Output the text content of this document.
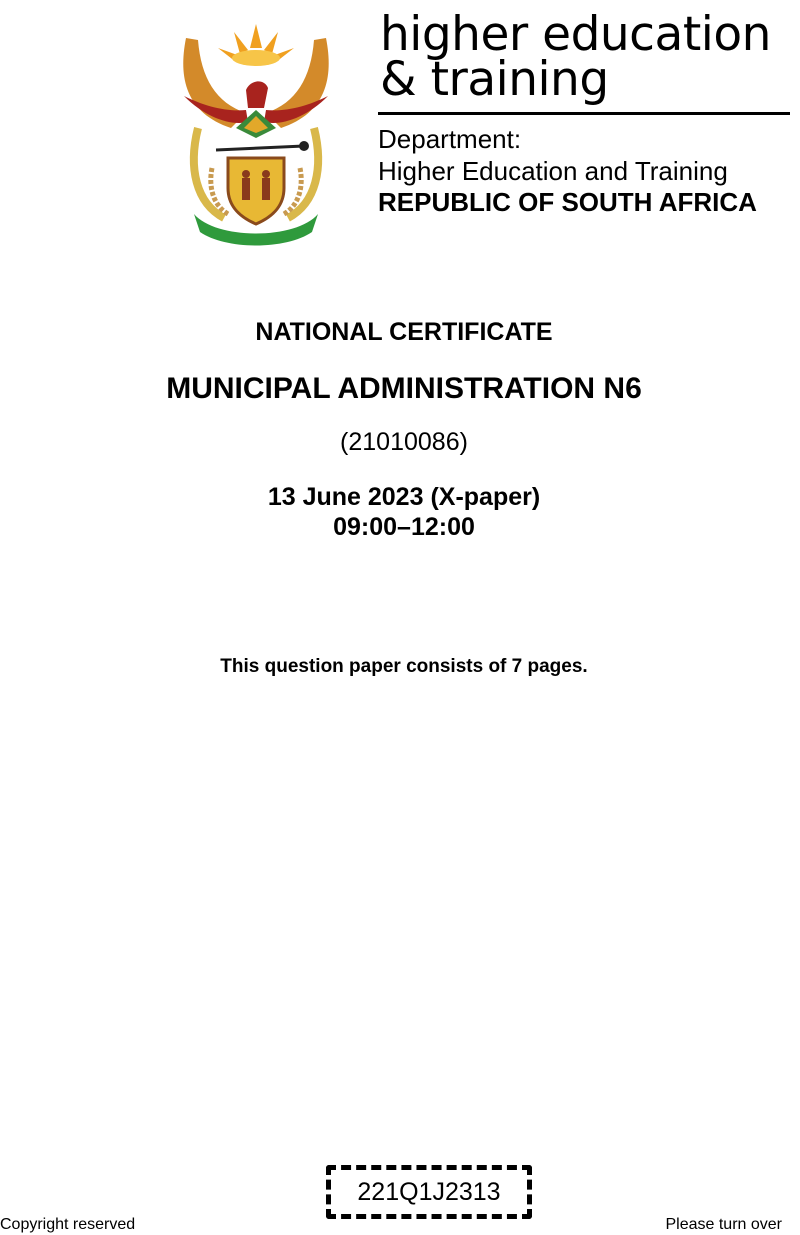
higher education
& training
Department:
Higher Education and Training
REPUBLIC OF SOUTH AFRICA
NATIONAL CERTIFICATE
MUNICIPAL ADMINISTRATION N6
(21010086)
13 June 2023 (X-paper)
09:00–12:00
This question paper consists of 7 pages.
221Q1J2313
Copyright reserved	Please turn over
